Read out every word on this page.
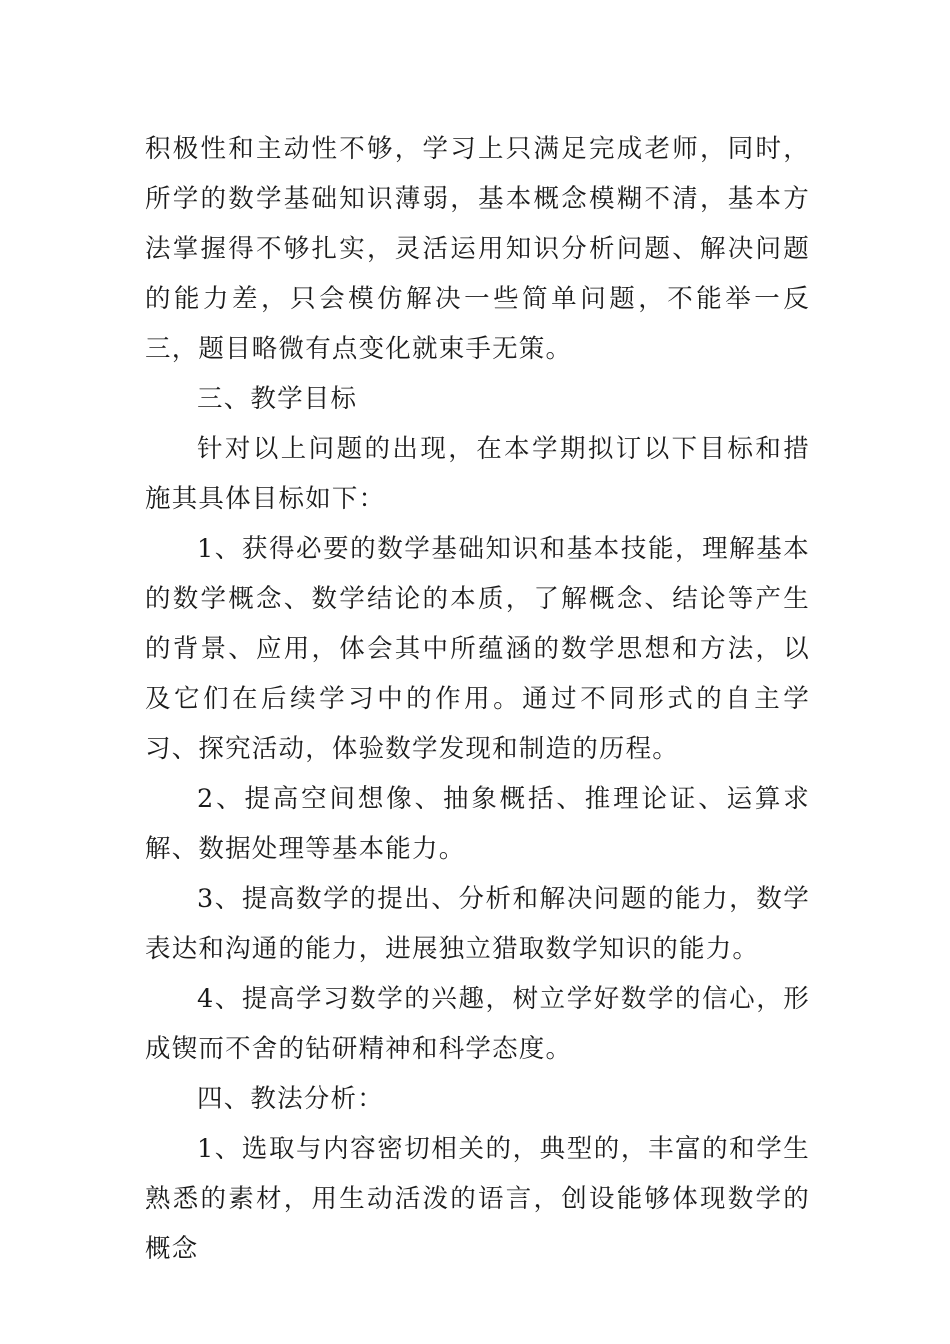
积极性和主动性不够，学习上只满足完成老师，同时，所学的数学基础知识薄弱，基本概念模糊不清，基本方法掌握得不够扎实，灵活运用知识分析问题、解决问题的能力差，只会模仿解决一些简单问题，不能举一反三，题目略微有点变化就束手无策。

三、教学目标

针对以上问题的出现，在本学期拟订以下目标和措施其具体目标如下：

1、获得必要的数学基础知识和基本技能，理解基本的数学概念、数学结论的本质，了解概念、结论等产生的背景、应用，体会其中所蕴涵的数学思想和方法，以及它们在后续学习中的作用。通过不同形式的自主学习、探究活动，体验数学发现和制造的历程。

2、提高空间想像、抽象概括、推理论证、运算求解、数据处理等基本能力。

3、提高数学的提出、分析和解决问题的能力，数学表达和沟通的能力，进展独立猎取数学知识的能力。

4、提高学习数学的兴趣，树立学好数学的信心，形成锲而不舍的钻研精神和科学态度。

四、教法分析：

1、选取与内容密切相关的，典型的，丰富的和学生熟悉的素材，用生动活泼的语言，创设能够体现数学的概念
